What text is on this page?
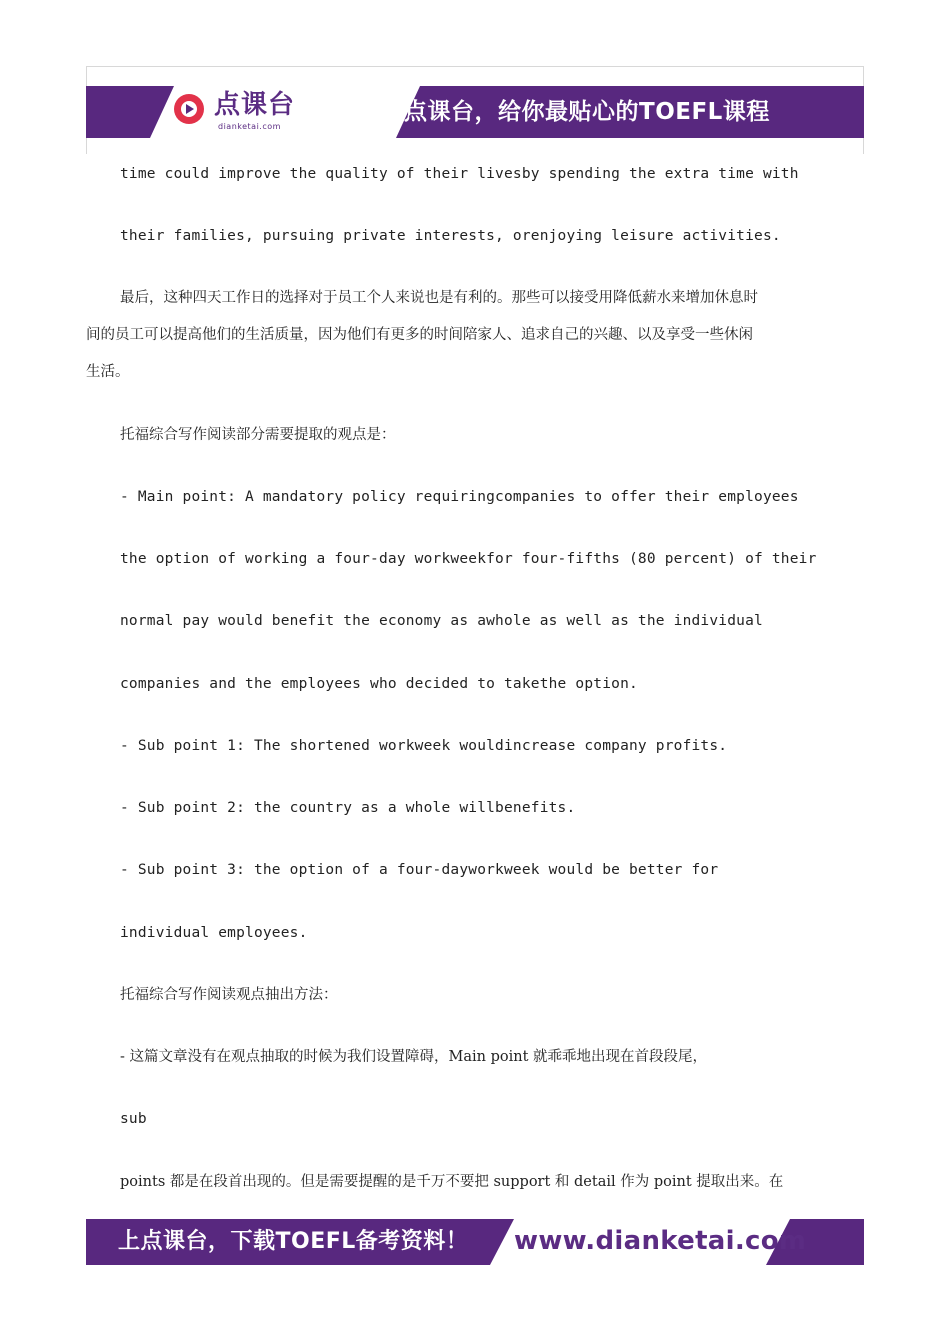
点课台
dianketai.com
点课台，给你最贴心的TOEFL课程
time could improve the quality of their livesby spending the extra time with
their families, pursuing private interests, orenjoying leisure activities.
最后，这种四天工作日的选择对于员工个人来说也是有利的。那些可以接受用降低薪水来增加休息时
间的员工可以提高他们的生活质量，因为他们有更多的时间陪家人、追求自己的兴趣、以及享受一些休闲
生活。
托福综合写作阅读部分需要提取的观点是：
- Main point: A mandatory policy requiringcompanies to offer their employees
the option of working a four-day workweekfor four-fifths (80 percent) of their
normal pay would benefit the economy as awhole as well as the individual
companies and the employees who decided to takethe option.
- Sub point 1: The shortened workweek wouldincrease company profits.
- Sub point 2: the country as a whole willbenefits.
- Sub point 3: the option of a four-dayworkweek would be better for
individual employees.
托福综合写作阅读观点抽出方法：
- 这篇文章没有在观点抽取的时候为我们设置障碍，Main point 就乖乖地出现在首段段尾，
sub
points 都是在段首出现的。但是需要提醒的是千万不要把 support 和 detail 作为 point 提取出来。在
上点课台，下载TOEFL备考资料！ www.dianketai.com
